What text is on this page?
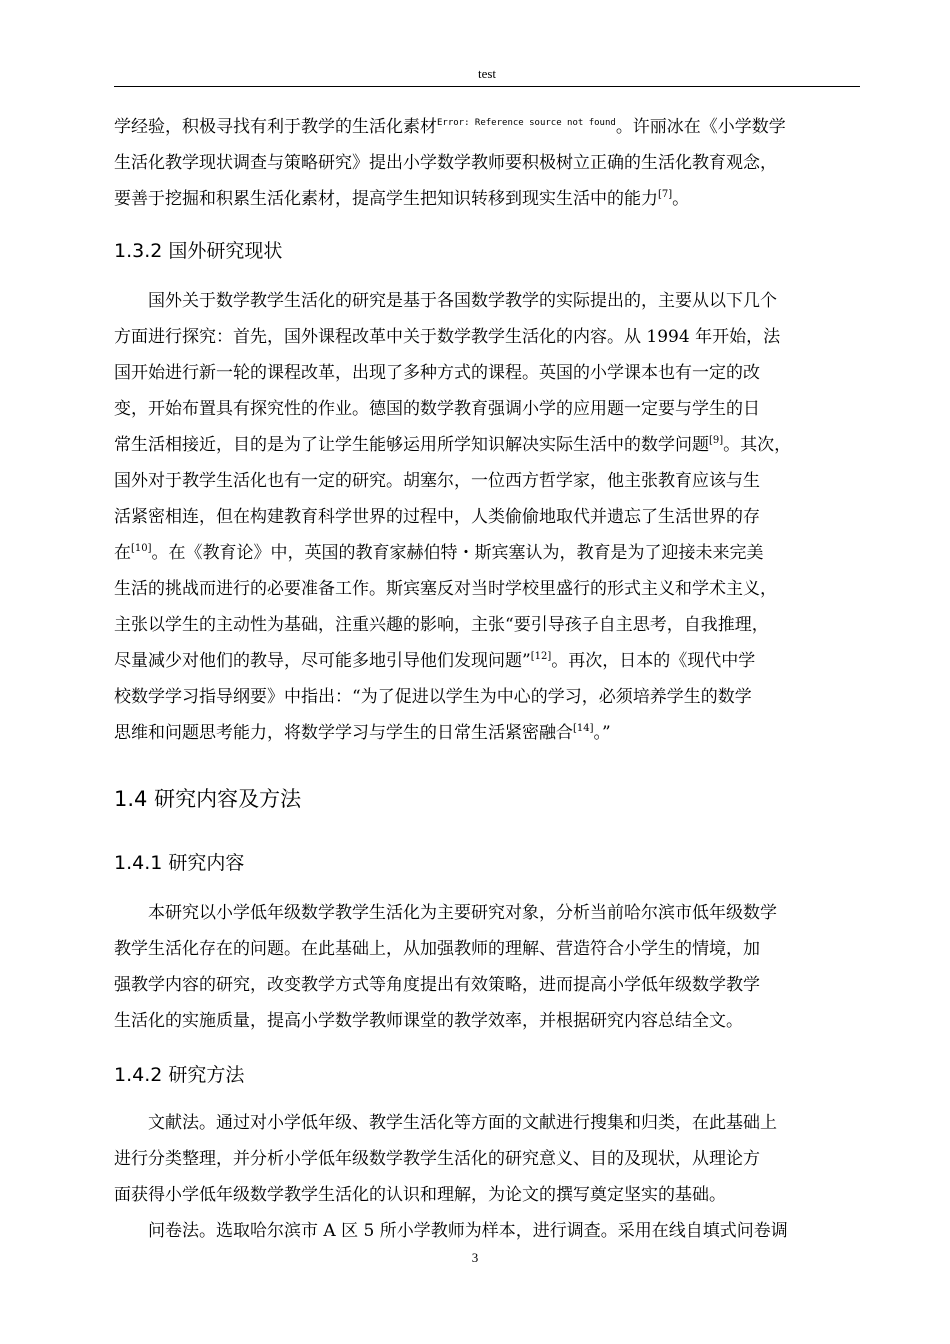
test
学经验，积极寻找有利于教学的生活化素材$^{Error: Reference source not found}$。许丽冰在《小学数学
生活化教学现状调查与策略研究》提出小学数学教师要积极树立正确的生活化教育观念，
要善于挖掘和积累生活化素材，提高学生把知识转移到现实生活中的能力[7]。
1.3.2 国外研究现状
国外关于数学教学生活化的研究是基于各国数学教学的实际提出的，主要从以下几个
方面进行探究：首先，国外课程改革中关于数学教学生活化的内容。从 1994 年开始，法
国开始进行新一轮的课程改革，出现了多种方式的课程。英国的小学课本也有一定的改
变，开始布置具有探究性的作业。德国的数学教育强调小学的应用题一定要与学生的日
常生活相接近，目的是为了让学生能够运用所学知识解决实际生活中的数学问题[9]。其次，
国外对于教学生活化也有一定的研究。胡塞尔，一位西方哲学家，他主张教育应该与生
活紧密相连，但在构建教育科学世界的过程中，人类偷偷地取代并遗忘了生活世界的存
在[10]。在《教育论》中，英国的教育家赫伯特・斯宾塞认为，教育是为了迎接未来完美
生活的挑战而进行的必要准备工作。斯宾塞反对当时学校里盛行的形式主义和学术主义，
主张以学生的主动性为基础，注重兴趣的影响，主张“要引导孩子自主思考，自我推理，
尽量减少对他们的教导，尽可能多地引导他们发现问题”[12]。再次，日本的《现代中学
校数学学习指导纲要》中指出：“为了促进以学生为中心的学习，必须培养学生的数学
思维和问题思考能力，将数学学习与学生的日常生活紧密融合[14]。”
1.4 研究内容及方法
1.4.1 研究内容
本研究以小学低年级数学教学生活化为主要研究对象，分析当前哈尔滨市低年级数学
教学生活化存在的问题。在此基础上，从加强教师的理解、营造符合小学生的情境，加
强教学内容的研究，改变教学方式等角度提出有效策略，进而提高小学低年级数学教学
生活化的实施质量，提高小学数学教师课堂的教学效率，并根据研究内容总结全文。
1.4.2 研究方法
文献法。通过对小学低年级、教学生活化等方面的文献进行搜集和归类，在此基础上
进行分类整理，并分析小学低年级数学教学生活化的研究意义、目的及现状，从理论方
面获得小学低年级数学教学生活化的认识和理解，为论文的撰写奠定坚实的基础。
问卷法。选取哈尔滨市 A 区 5 所小学教师为样本，进行调查。采用在线自填式问卷调
3
